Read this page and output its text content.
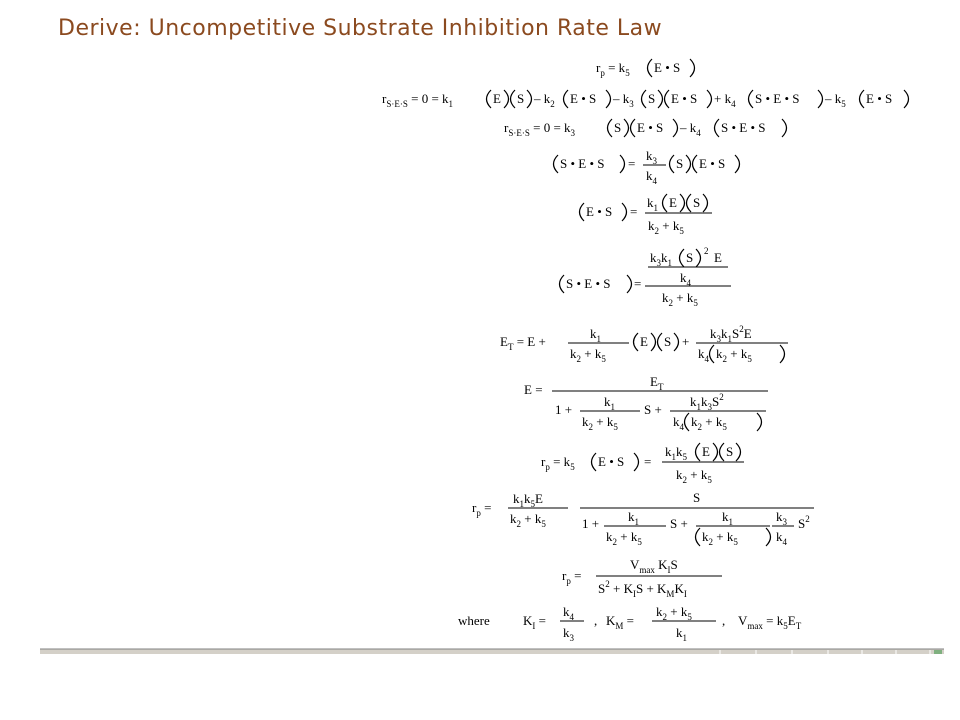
Derive: Uncompetitive Substrate Inhibition Rate Law
$r_p = k_5$ E • S
$r_{S\cdot E\cdot S} = 0 = k_1$	E S – $k_2$ E • S – $k_3$ S E • $S + k_4$ S • E • S – $k_5$ E • S
$r_{S\cdot E\cdot S} = 0 = k_3$	S E • S – $k_4$ S • E • S
S • E • S =
$k_3$
$k_4$
S E • S
E • S =
$k_1$ E S
$k_2 + k_5$
S • E • S =
$k_3k_1$ S 2 E
$k_4$
$k_2 + k_5$
$E_T = E$ +
$k_1$
$k_2 + k_5$
E S +
$k_3k_1S^2E$
$k_4$ $k_2 + k_5$
E =
$E_T$
1 +
$k_1$
$k_2 + k_5$
S +
$k_1k_3S^2$
$k_4$ $k_2 + k_5$
$r_p = k_5$ E • S =
$k_1k_5$ E S
$k_2 + k_5$
$r_p$ =
$k_1k_5E$
$k_2 + k_5$
S
$1 + k_1$
$k_2 + k_5$
S +	$k_1$
$k_2 + k_5$
$k_3$
$k_4$
$S^2$
$r_p$ =
$V_{max}$ $K_IS$
$S^2 + K_IS + K_MK_I$
where	$K_I$ =
$k_4$
$k_3$
, $K_M$ =
$k_2 + k_5$
$k_1$
, $V_{max} = k_5E_T$
